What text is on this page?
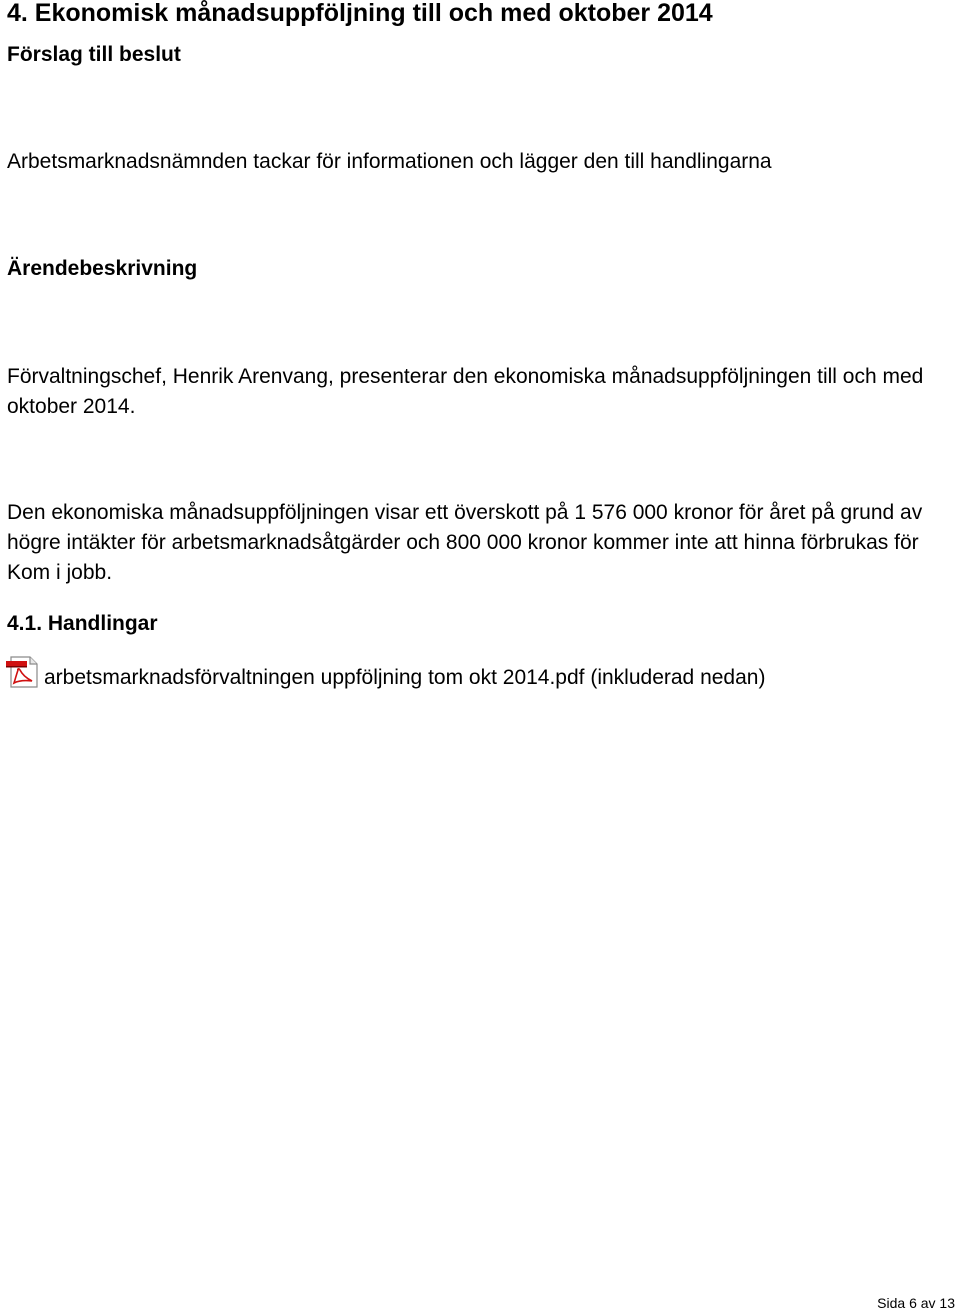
4. Ekonomisk månadsuppföljning till och med oktober 2014
Förslag till beslut
Arbetsmarknadsnämnden tackar för informationen och lägger den till handlingarna
Ärendebeskrivning
Förvaltningschef, Henrik Arenvang, presenterar den ekonomiska månadsuppföljningen till och med oktober 2014.
Den ekonomiska månadsuppföljningen visar ett överskott på 1 576 000 kronor för året på grund av högre intäkter för arbetsmarknadsåtgärder och 800 000 kronor kommer inte att hinna förbrukas för Kom i jobb.
4.1. Handlingar
arbetsmarknadsförvaltningen uppföljning tom okt 2014.pdf (inkluderad nedan)
Sida 6 av 13
